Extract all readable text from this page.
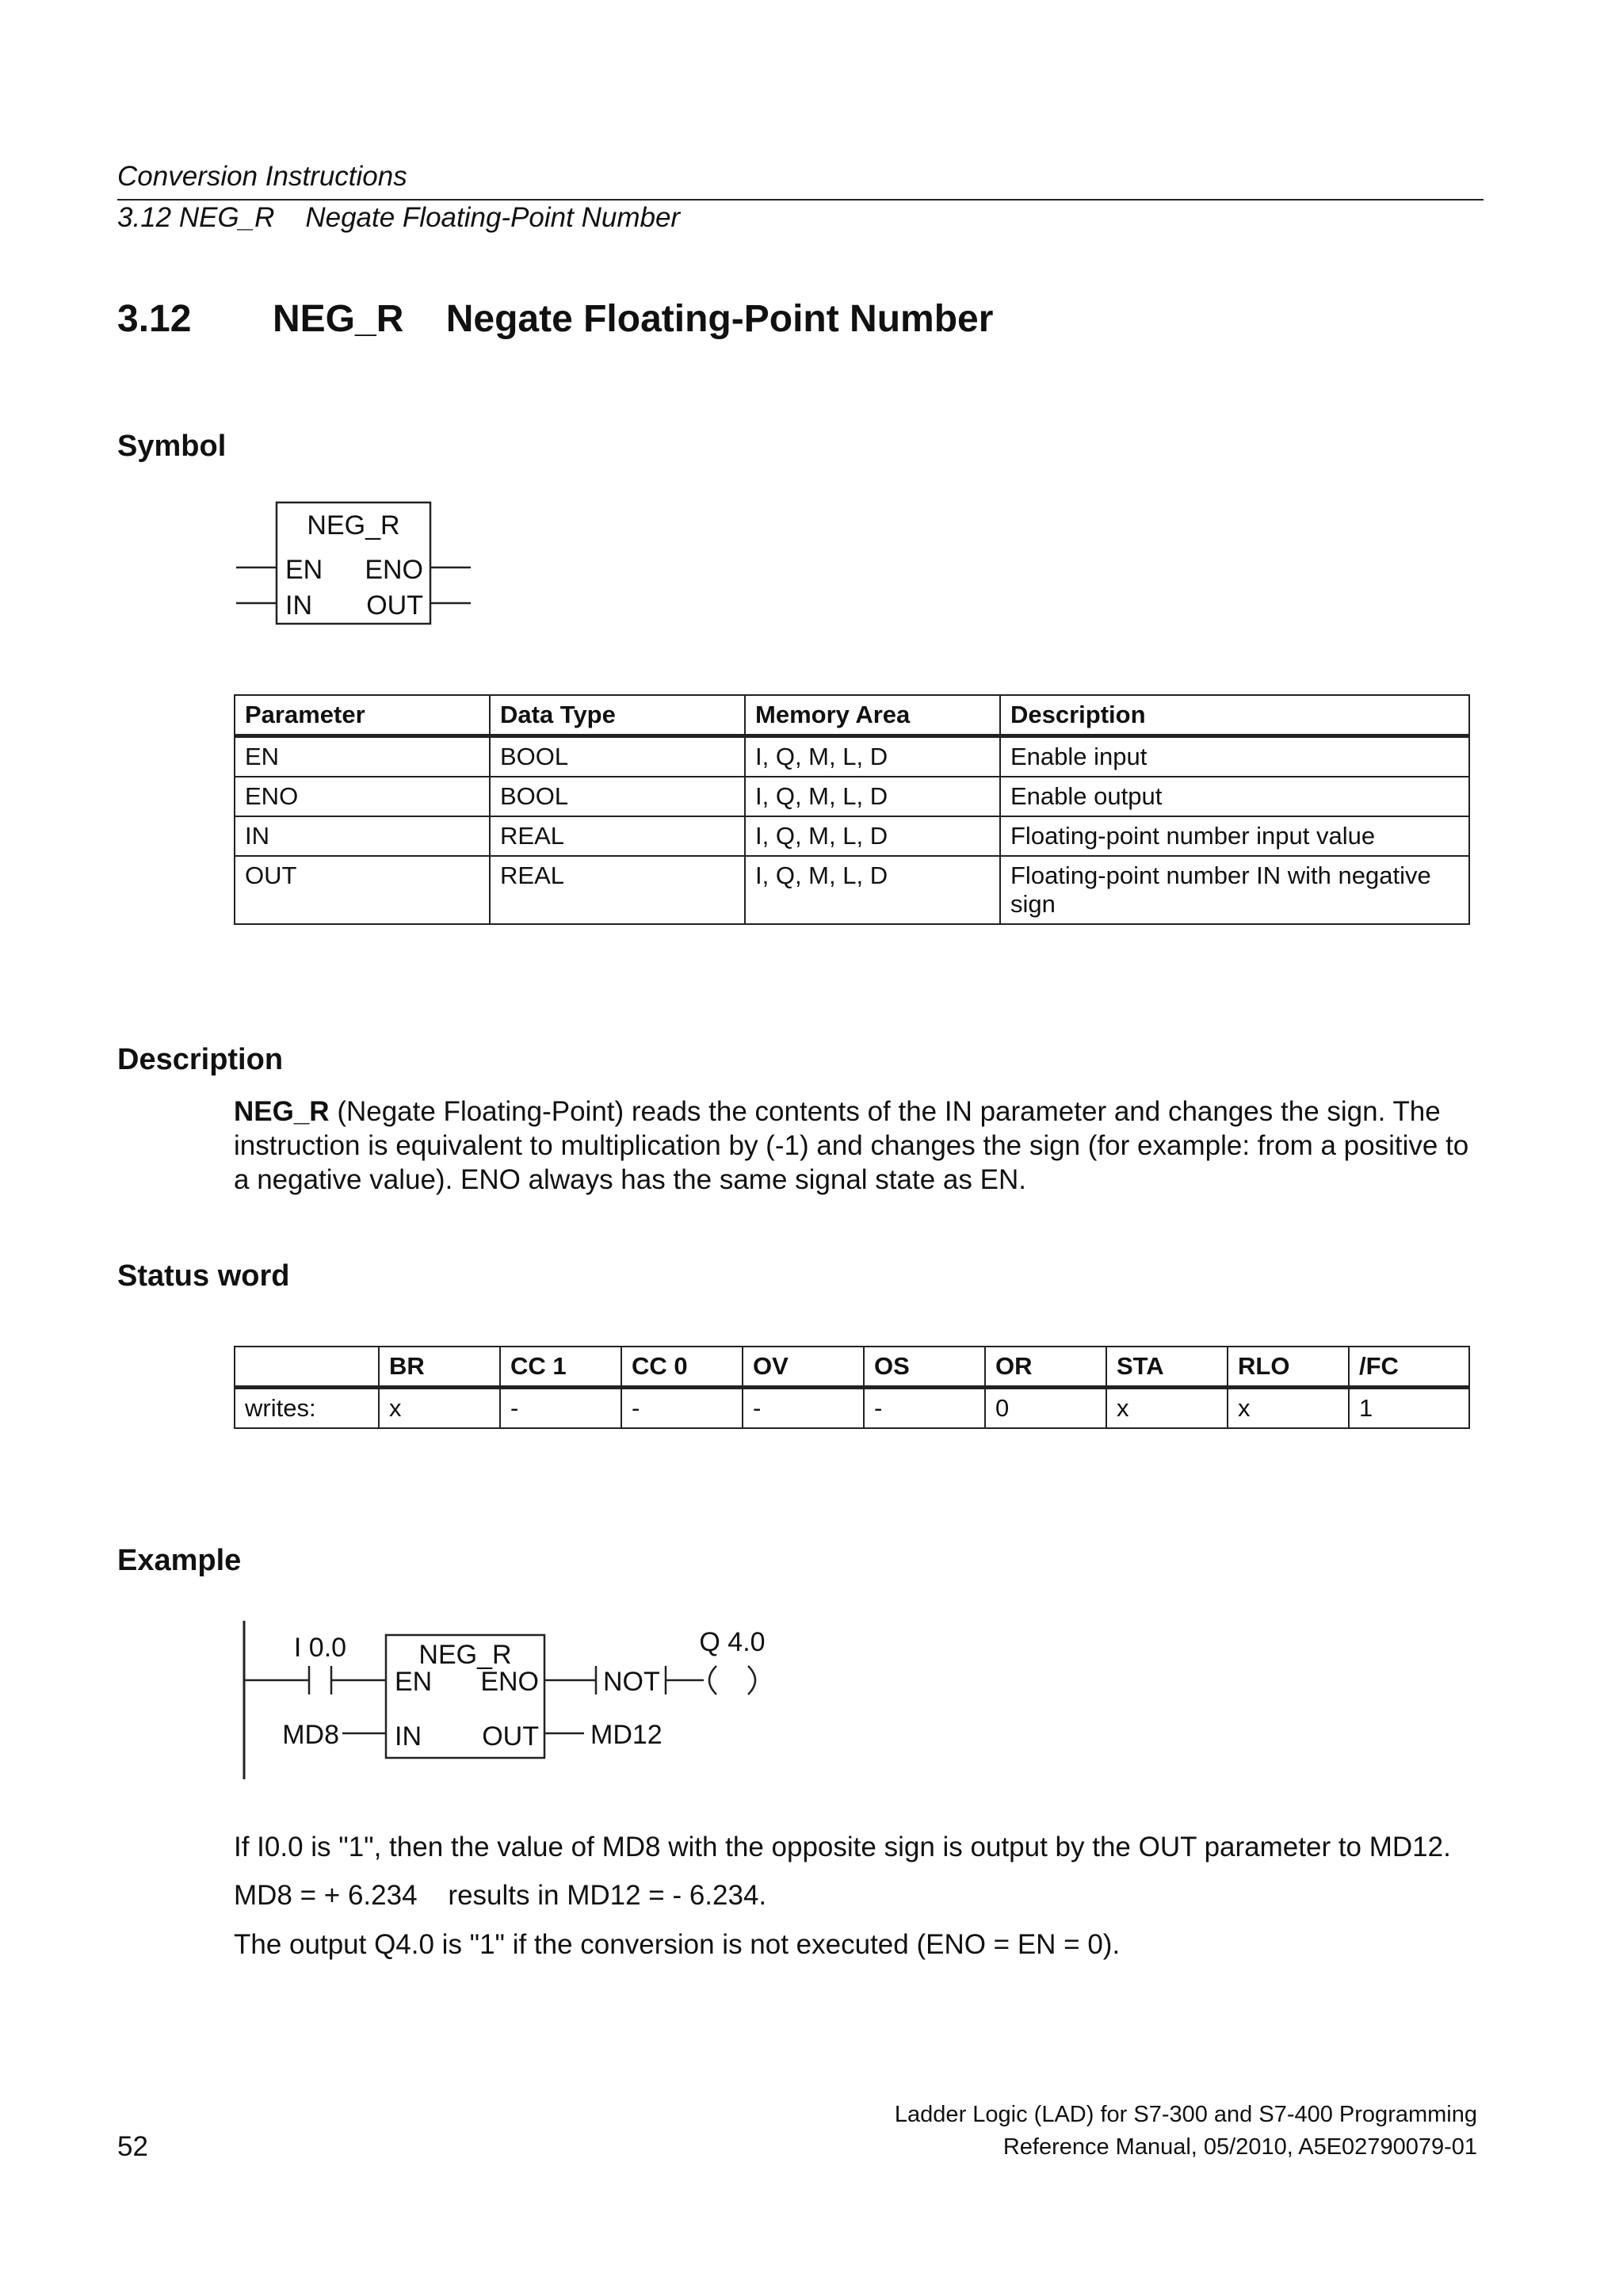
Conversion Instructions
3.12 NEG_R    Negate Floating-Point Number
3.12 NEG_R    Negate Floating-Point Number
Symbol
NEG_R
EN ENO
IN OUT
Parameter	Data Type	Memory Area	Description
EN	BOOL	I, Q, M, L, D	Enable input
ENO	BOOL	I, Q, M, L, D	Enable output
IN	REAL	I, Q, M, L, D	Floating-point number input value
OUT	REAL	I, Q, M, L, D	Floating-point number IN with negative sign
Description
NEG_R (Negate Floating-Point) reads the contents of the IN parameter and changes the sign. The instruction is equivalent to multiplication by (-1) and changes the sign (for example: from a positive to a negative value). ENO always has the same signal state as EN.
Status word
	BR	CC 1	CC 0	OV	OS	OR	STA	RLO	/FC
writes:	x	-	-	-	-	0	x	x	1
Example
I 0.0	NEG_R
EN ENO
IN OUT
MD8	MD12
NOT
Q 4.0
If I0.0 is "1", then the value of MD8 with the opposite sign is output by the OUT parameter to MD12.
MD8 = + 6.234    results in MD12 = - 6.234.
The output Q4.0 is "1" if the conversion is not executed (ENO = EN = 0).
52
Ladder Logic (LAD) for S7-300 and S7-400 Programming
Reference Manual, 05/2010, A5E02790079-01
